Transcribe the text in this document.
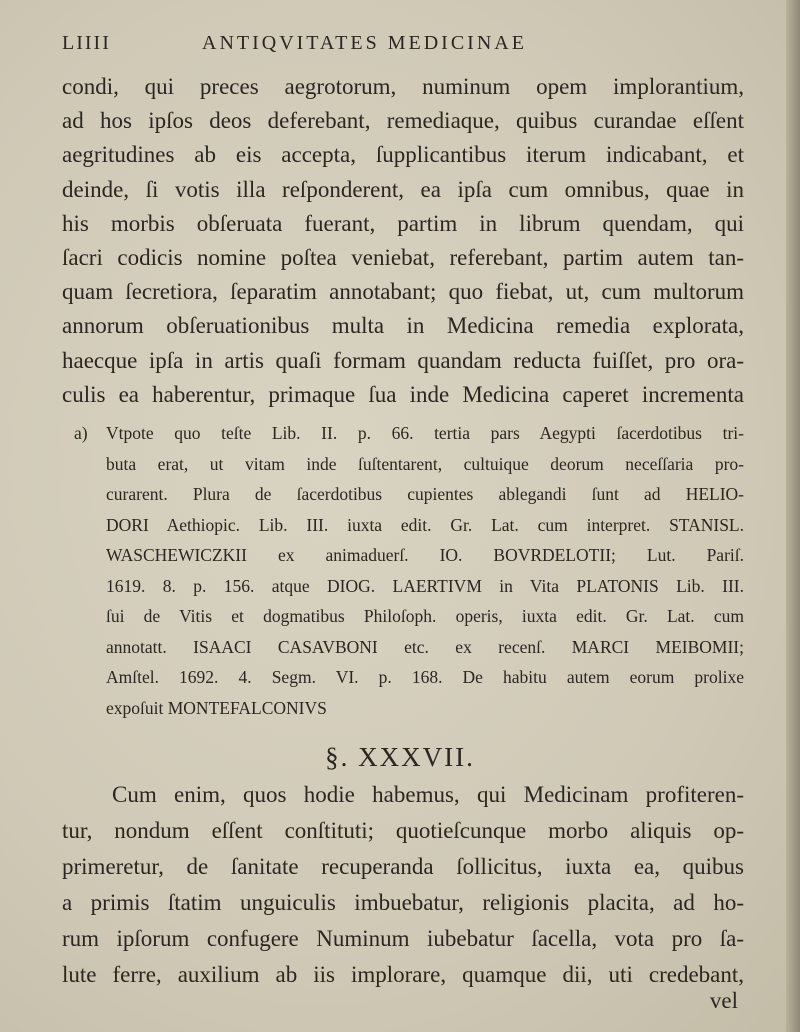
LIIII	ANTIQVITATES MEDICINAE
condi, qui preces aegrotorum, numinum opem implorantium,
ad hos ipſos deos deferebant, remediaque, quibus curandae eſſent
aegritudines ab eis accepta, ſupplicantibus iterum indicabant, et
deinde, ſi votis illa reſponderent, ea ipſa cum omnibus, quae in
his morbis obſeruata fuerant, partim in librum quendam, qui
ſacri codicis nomine poſtea veniebat, referebant, partim autem tan-
quam ſecretiora, ſeparatim annotabant; quo fiebat, ut, cum multorum
annorum obſeruationibus multa in Medicina remedia explorata,
haecque ipſa in artis quaſi formam quandam reducta fuiſſet, pro ora-
culis ea haberentur, primaque ſua inde Medicina caperet incrementa
a)	Vtpote quo teſte Lib. II. p. 66. tertia pars Aegypti ſacerdotibus tri-
buta erat, ut vitam inde ſuſtentarent, cultuique deorum neceſſaria pro-
curarent. Plura de ſacerdotibus cupientes ablegandi ſunt ad HELIO-
DORI Aethiopic. Lib. III. iuxta edit. Gr. Lat. cum interpret. STANISL.
WASCHEWICZKII ex animaduerſ. IO. BOVRDELOTII; Lut. Pariſ.
1619. 8. p. 156. atque DIOG. LAERTIVM in Vita PLATONIS Lib. III.
ſui de Vitis et dogmatibus Philoſoph. operis, iuxta edit. Gr. Lat. cum
annotatt. ISAACI CASAVBONI etc. ex recenſ. MARCI MEIBOMII;
Amſtel. 1692. 4. Segm. VI. p. 168. De habitu autem eorum prolixe
expoſuit MONTEFALCONIVS
§. XXXVII.
Cum enim, quos hodie habemus, qui Medicinam profiteren-
tur, nondum eſſent conſtituti; quotieſcunque morbo aliquis op-
primeretur, de ſanitate recuperanda ſollicitus, iuxta ea, quibus
a primis ſtatim unguiculis imbuebatur, religionis placita, ad ho-
rum ipſorum confugere Numinum iubebatur ſacella, vota pro ſa-
lute ferre, auxilium ab iis implorare, quamque dii, uti credebant,
vel
